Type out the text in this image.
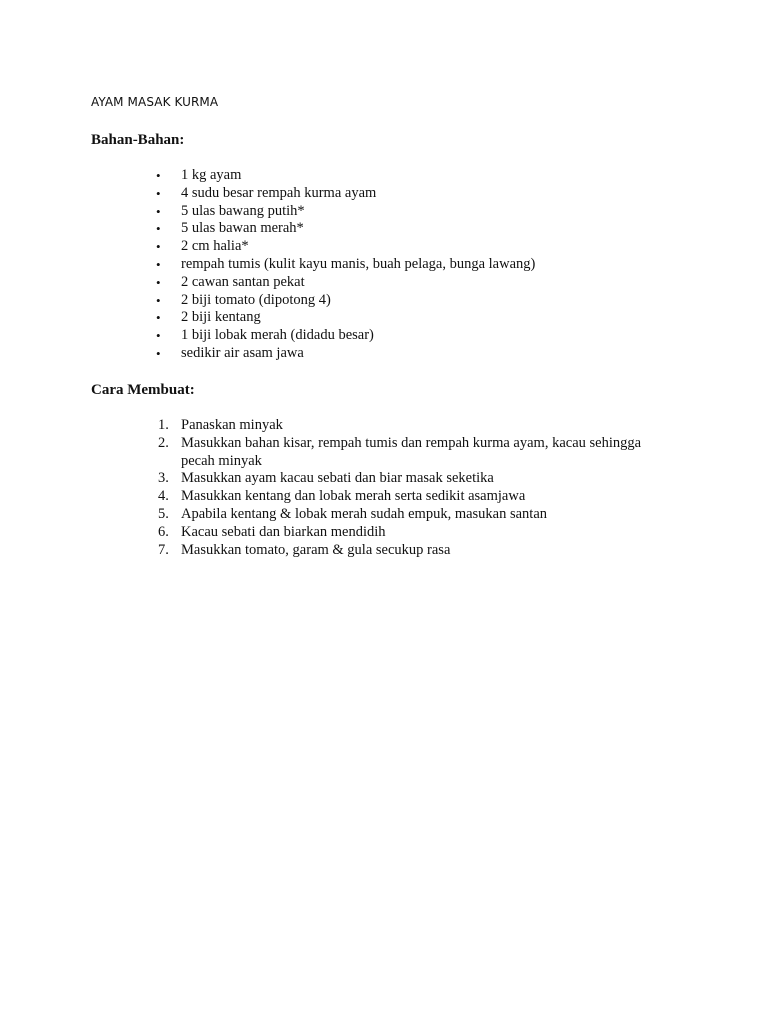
AYAM MASAK KURMA
Bahan-Bahan:
•	1 kg ayam
•	4 sudu besar rempah kurma ayam
•	5 ulas bawang putih*
•	5 ulas bawan merah*
•	2 cm halia*
•	rempah tumis (kulit kayu manis, buah pelaga, bunga lawang)
•	2 cawan santan pekat
•	2 biji tomato (dipotong 4)
•	2 biji kentang
•	1 biji lobak merah (didadu besar)
•	sedikir air asam jawa
Cara Membuat:
1. Panaskan minyak
2. Masukkan bahan kisar, rempah tumis dan rempah kurma ayam, kacau sehingga pecah minyak
3. Masukkan ayam kacau sebati dan biar masak seketika
4. Masukkan kentang dan lobak merah serta sedikit asamjawa
5. Apabila kentang & lobak merah sudah empuk, masukan santan
6. Kacau sebati dan biarkan mendidih
7. Masukkan tomato, garam & gula secukup rasa
